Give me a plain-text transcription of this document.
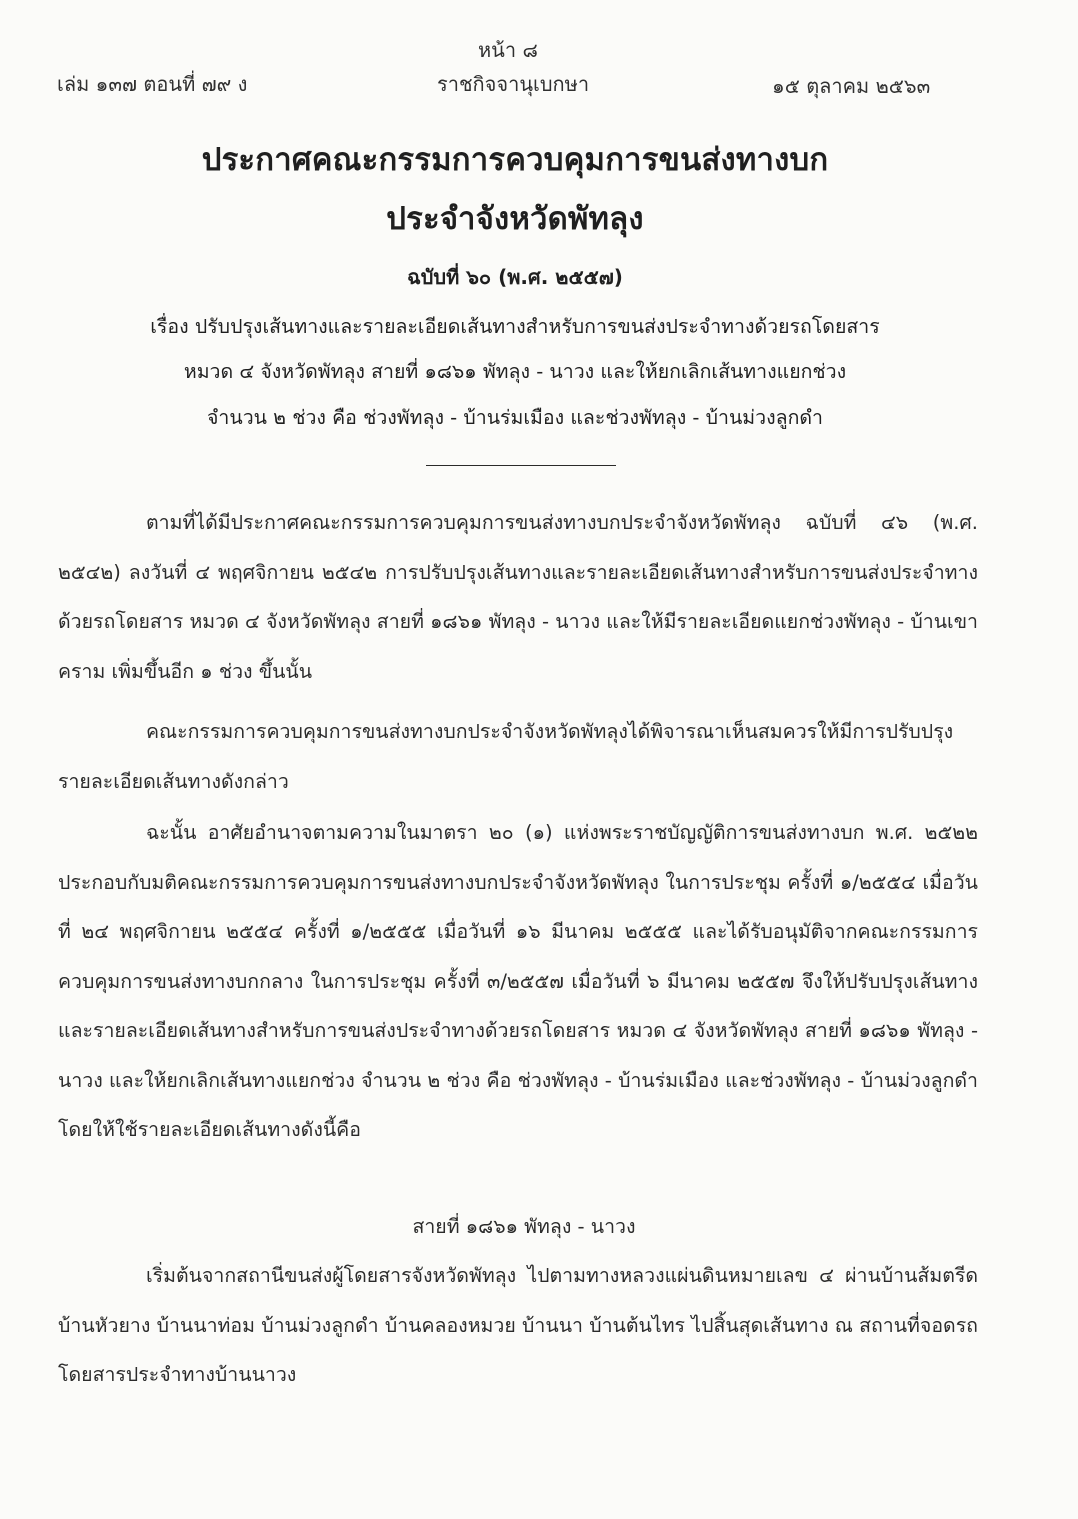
หน้า ๘
เล่ม ๑๓๗ ตอนที่ ๗๙ ง	ราชกิจจานุเบกษา	๑๕ ตุลาคม ๒๕๖๓
ประกาศคณะกรรมการควบคุมการขนส่งทางบก
ประจำจังหวัดพัทลุง
ฉบับที่ ๖๐ (พ.ศ. ๒๕๕๗)
เรื่อง ปรับปรุงเส้นทางและรายละเอียดเส้นทางสำหรับการขนส่งประจำทางด้วยรถโดยสาร
หมวด ๔ จังหวัดพัทลุง สายที่ ๑๘๖๑ พัทลุง - นาวง และให้ยกเลิกเส้นทางแยกช่วง
จำนวน ๒ ช่วง คือ ช่วงพัทลุง - บ้านร่มเมือง และช่วงพัทลุง - บ้านม่วงลูกดำ
ตามที่ได้มีประกาศคณะกรรมการควบคุมการขนส่งทางบกประจำจังหวัดพัทลุง ฉบับที่ ๔๖ (พ.ศ. ๒๕๔๒) ลงวันที่ ๔ พฤศจิกายน ๒๕๔๒ การปรับปรุงเส้นทางและรายละเอียดเส้นทางสำหรับการขนส่งประจำทางด้วยรถโดยสาร หมวด ๔ จังหวัดพัทลุง สายที่ ๑๘๖๑ พัทลุง - นาวง และให้มีรายละเอียดแยกช่วงพัทลุง - บ้านเขาคราม เพิ่มขึ้นอีก ๑ ช่วง ขึ้นนั้น
คณะกรรมการควบคุมการขนส่งทางบกประจำจังหวัดพัทลุงได้พิจารณาเห็นสมควรให้มีการปรับปรุงรายละเอียดเส้นทางดังกล่าว
ฉะนั้น อาศัยอำนาจตามความในมาตรา ๒๐ (๑) แห่งพระราชบัญญัติการขนส่งทางบก พ.ศ. ๒๕๒๒ ประกอบกับมติคณะกรรมการควบคุมการขนส่งทางบกประจำจังหวัดพัทลุง ในการประชุม ครั้งที่ ๑/๒๕๕๔ เมื่อวันที่ ๒๔ พฤศจิกายน ๒๕๕๔ ครั้งที่ ๑/๒๕๕๕ เมื่อวันที่ ๑๖ มีนาคม ๒๕๕๕ และได้รับอนุมัติจากคณะกรรมการควบคุมการขนส่งทางบกกลาง ในการประชุม ครั้งที่ ๓/๒๕๕๗ เมื่อวันที่ ๖ มีนาคม ๒๕๕๗ จึงให้ปรับปรุงเส้นทางและรายละเอียดเส้นทางสำหรับการขนส่งประจำทางด้วยรถโดยสาร หมวด ๔ จังหวัดพัทลุง สายที่ ๑๘๖๑ พัทลุง - นาวง และให้ยกเลิกเส้นทางแยกช่วง จำนวน ๒ ช่วง คือ ช่วงพัทลุง - บ้านร่มเมือง และช่วงพัทลุง - บ้านม่วงลูกดำ โดยให้ใช้รายละเอียดเส้นทางดังนี้คือ
สายที่ ๑๘๖๑ พัทลุง - นาวง
เริ่มต้นจากสถานีขนส่งผู้โดยสารจังหวัดพัทลุง ไปตามทางหลวงแผ่นดินหมายเลข ๔ ผ่านบ้านส้มตรีด บ้านหัวยาง บ้านนาท่อม บ้านม่วงลูกดำ บ้านคลองหมวย บ้านนา บ้านต้นไทร ไปสิ้นสุดเส้นทาง ณ สถานที่จอดรถโดยสารประจำทางบ้านนาวง
